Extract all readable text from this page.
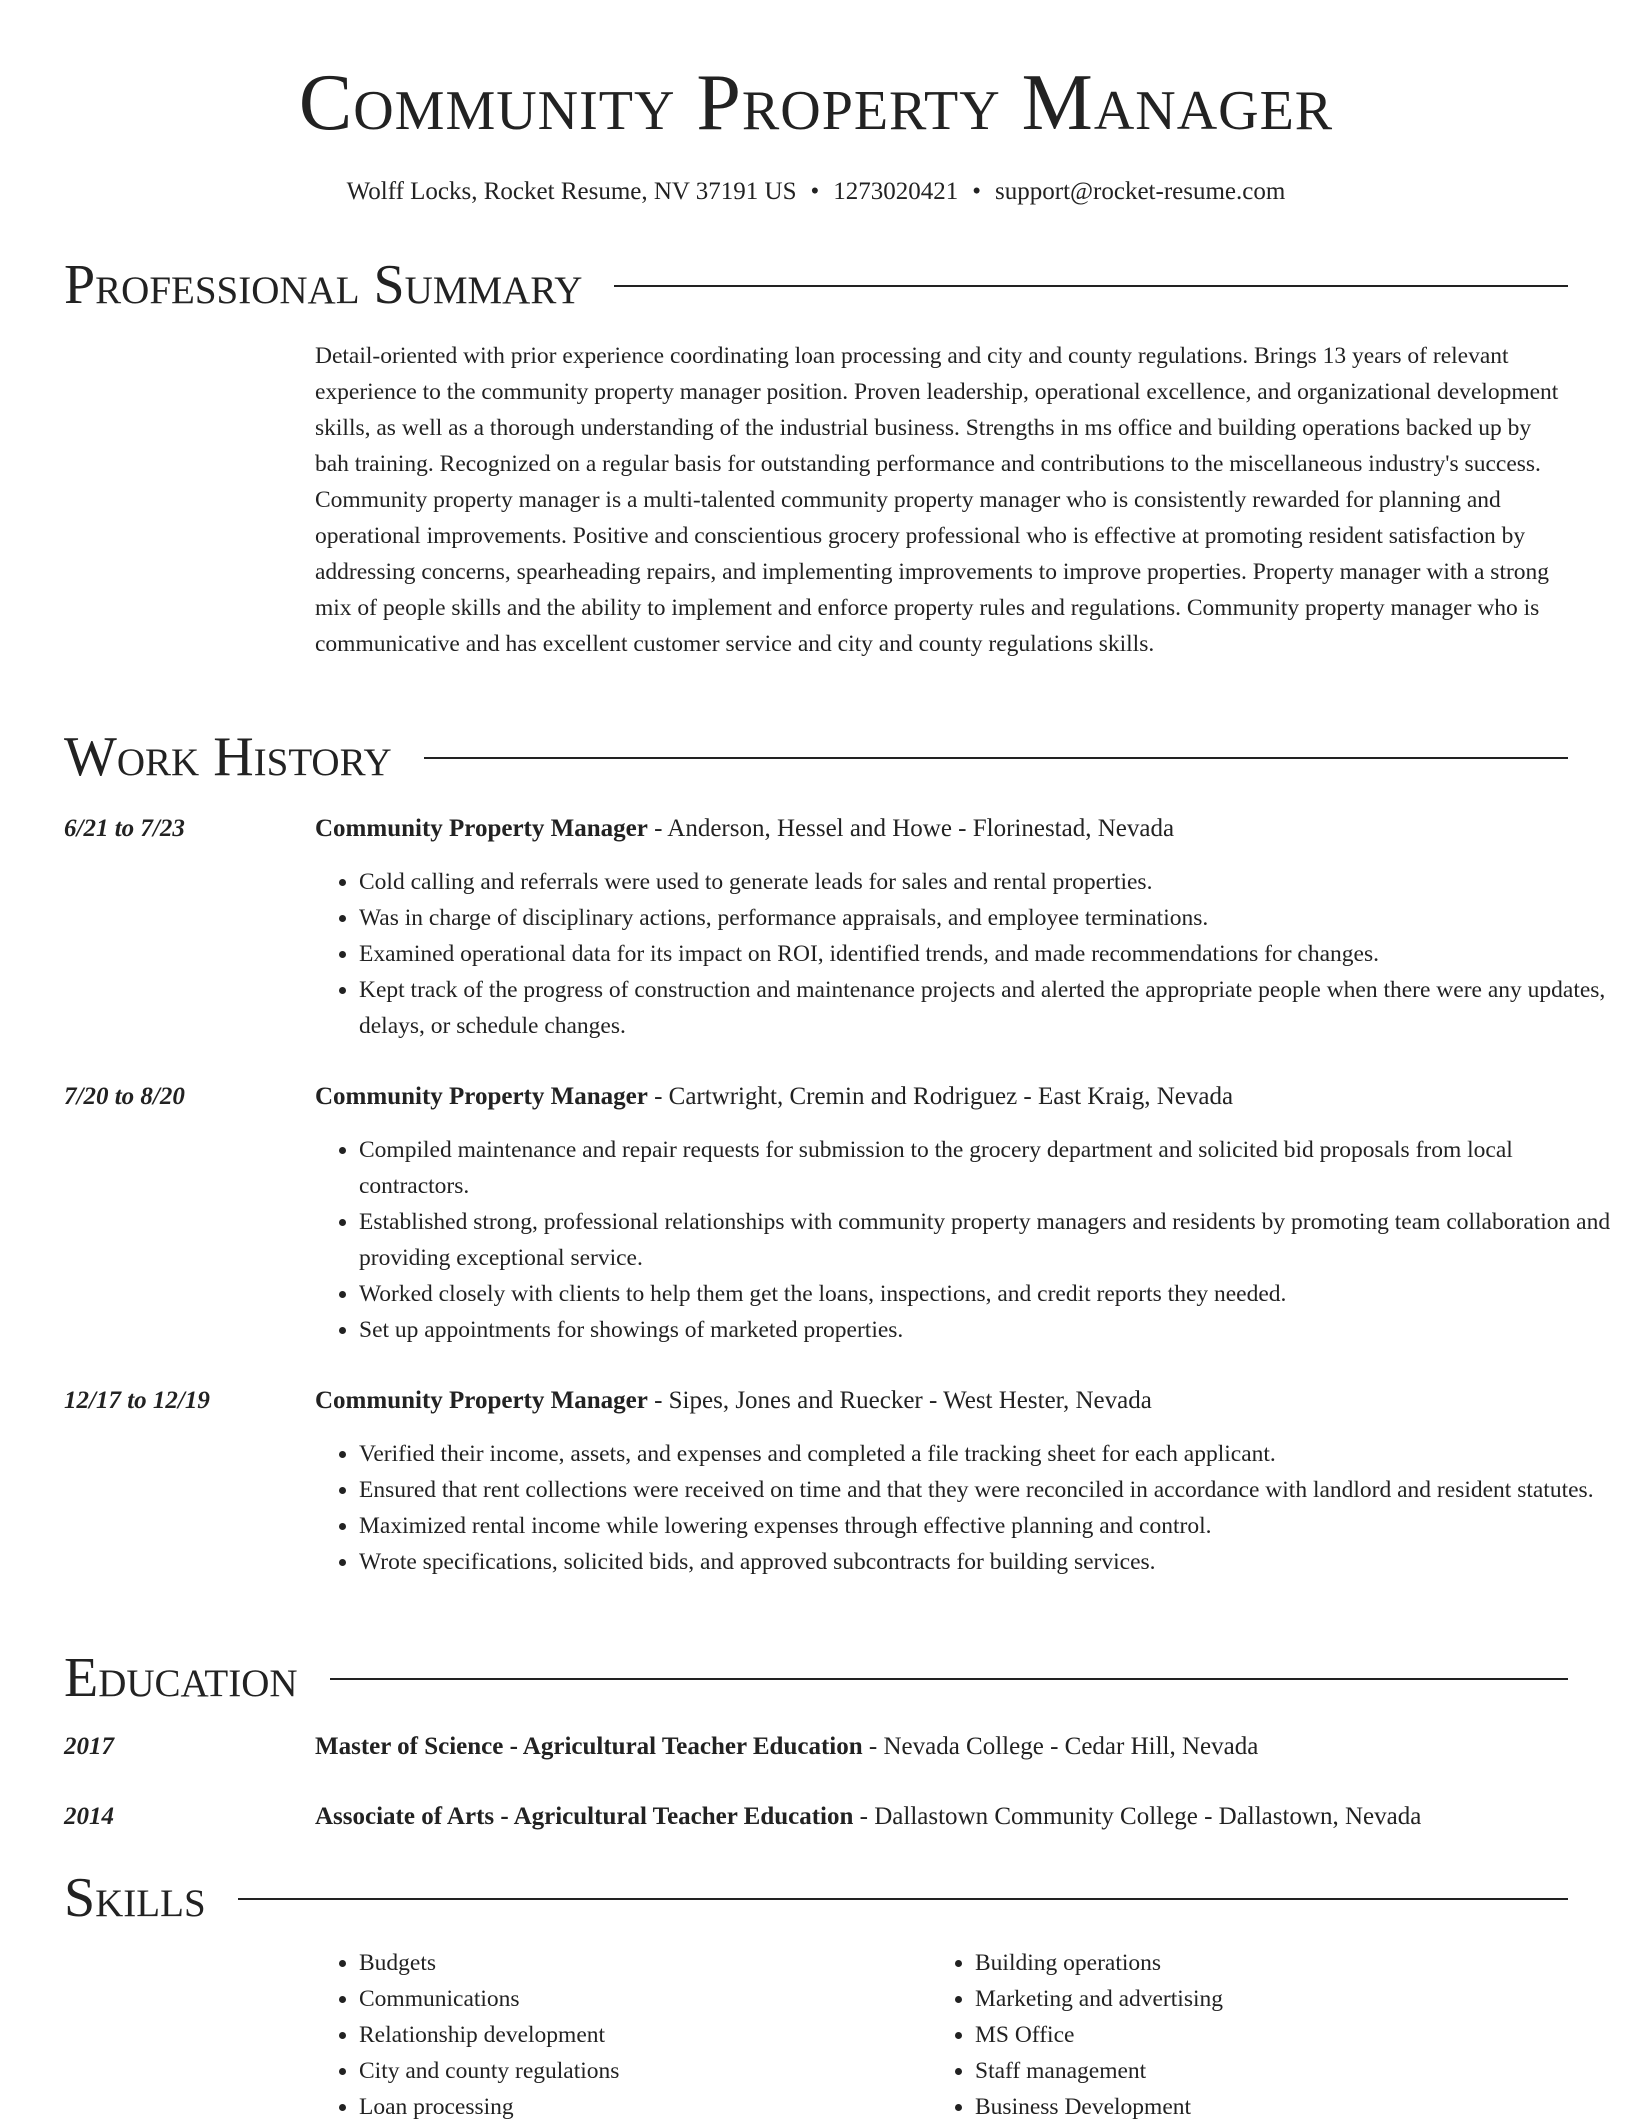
Community Property Manager
Wolff Locks, Rocket Resume, NV 37191 US • 1273020421 • support@rocket-resume.com
Professional Summary

Detail-oriented with prior experience coordinating loan processing and city and county regulations. Brings 13 years of relevant experience to the community property manager position. Proven leadership, operational excellence, and organizational development skills, as well as a thorough understanding of the industrial business. Strengths in ms office and building operations backed up by bah training. Recognized on a regular basis for outstanding performance and contributions to the miscellaneous industry's success. Community property manager is a multi-talented community property manager who is consistently rewarded for planning and operational improvements. Positive and conscientious grocery professional who is effective at promoting resident satisfaction by addressing concerns, spearheading repairs, and implementing improvements to improve properties. Property manager with a strong mix of people skills and the ability to implement and enforce property rules and regulations. Community property manager who is communicative and has excellent customer service and city and county regulations skills.

Work History
6/21 to 7/23	Community Property Manager - Anderson, Hessel and Howe - Florinestad, Nevada
• Cold calling and referrals were used to generate leads for sales and rental properties.
• Was in charge of disciplinary actions, performance appraisals, and employee terminations.
• Examined operational data for its impact on ROI, identified trends, and made recommendations for changes.
• Kept track of the progress of construction and maintenance projects and alerted the appropriate people when there were any updates, delays, or schedule changes.
7/20 to 8/20	Community Property Manager - Cartwright, Cremin and Rodriguez - East Kraig, Nevada
• Compiled maintenance and repair requests for submission to the grocery department and solicited bid proposals from local contractors.
• Established strong, professional relationships with community property managers and residents by promoting team collaboration and providing exceptional service.
• Worked closely with clients to help them get the loans, inspections, and credit reports they needed.
• Set up appointments for showings of marketed properties.
12/17 to 12/19	Community Property Manager - Sipes, Jones and Ruecker - West Hester, Nevada
• Verified their income, assets, and expenses and completed a file tracking sheet for each applicant.
• Ensured that rent collections were received on time and that they were reconciled in accordance with landlord and resident statutes.
• Maximized rental income while lowering expenses through effective planning and control.
• Wrote specifications, solicited bids, and approved subcontracts for building services.
Education
2017	Master of Science - Agricultural Teacher Education - Nevada College - Cedar Hill, Nevada
2014	Associate of Arts - Agricultural Teacher Education - Dallastown Community College - Dallastown, Nevada
Skills
• Budgets
• Communications
• Relationship development
• City and county regulations
• Loan processing
• Building operations
• Marketing and advertising
• MS Office
• Staff management
• Business Development
